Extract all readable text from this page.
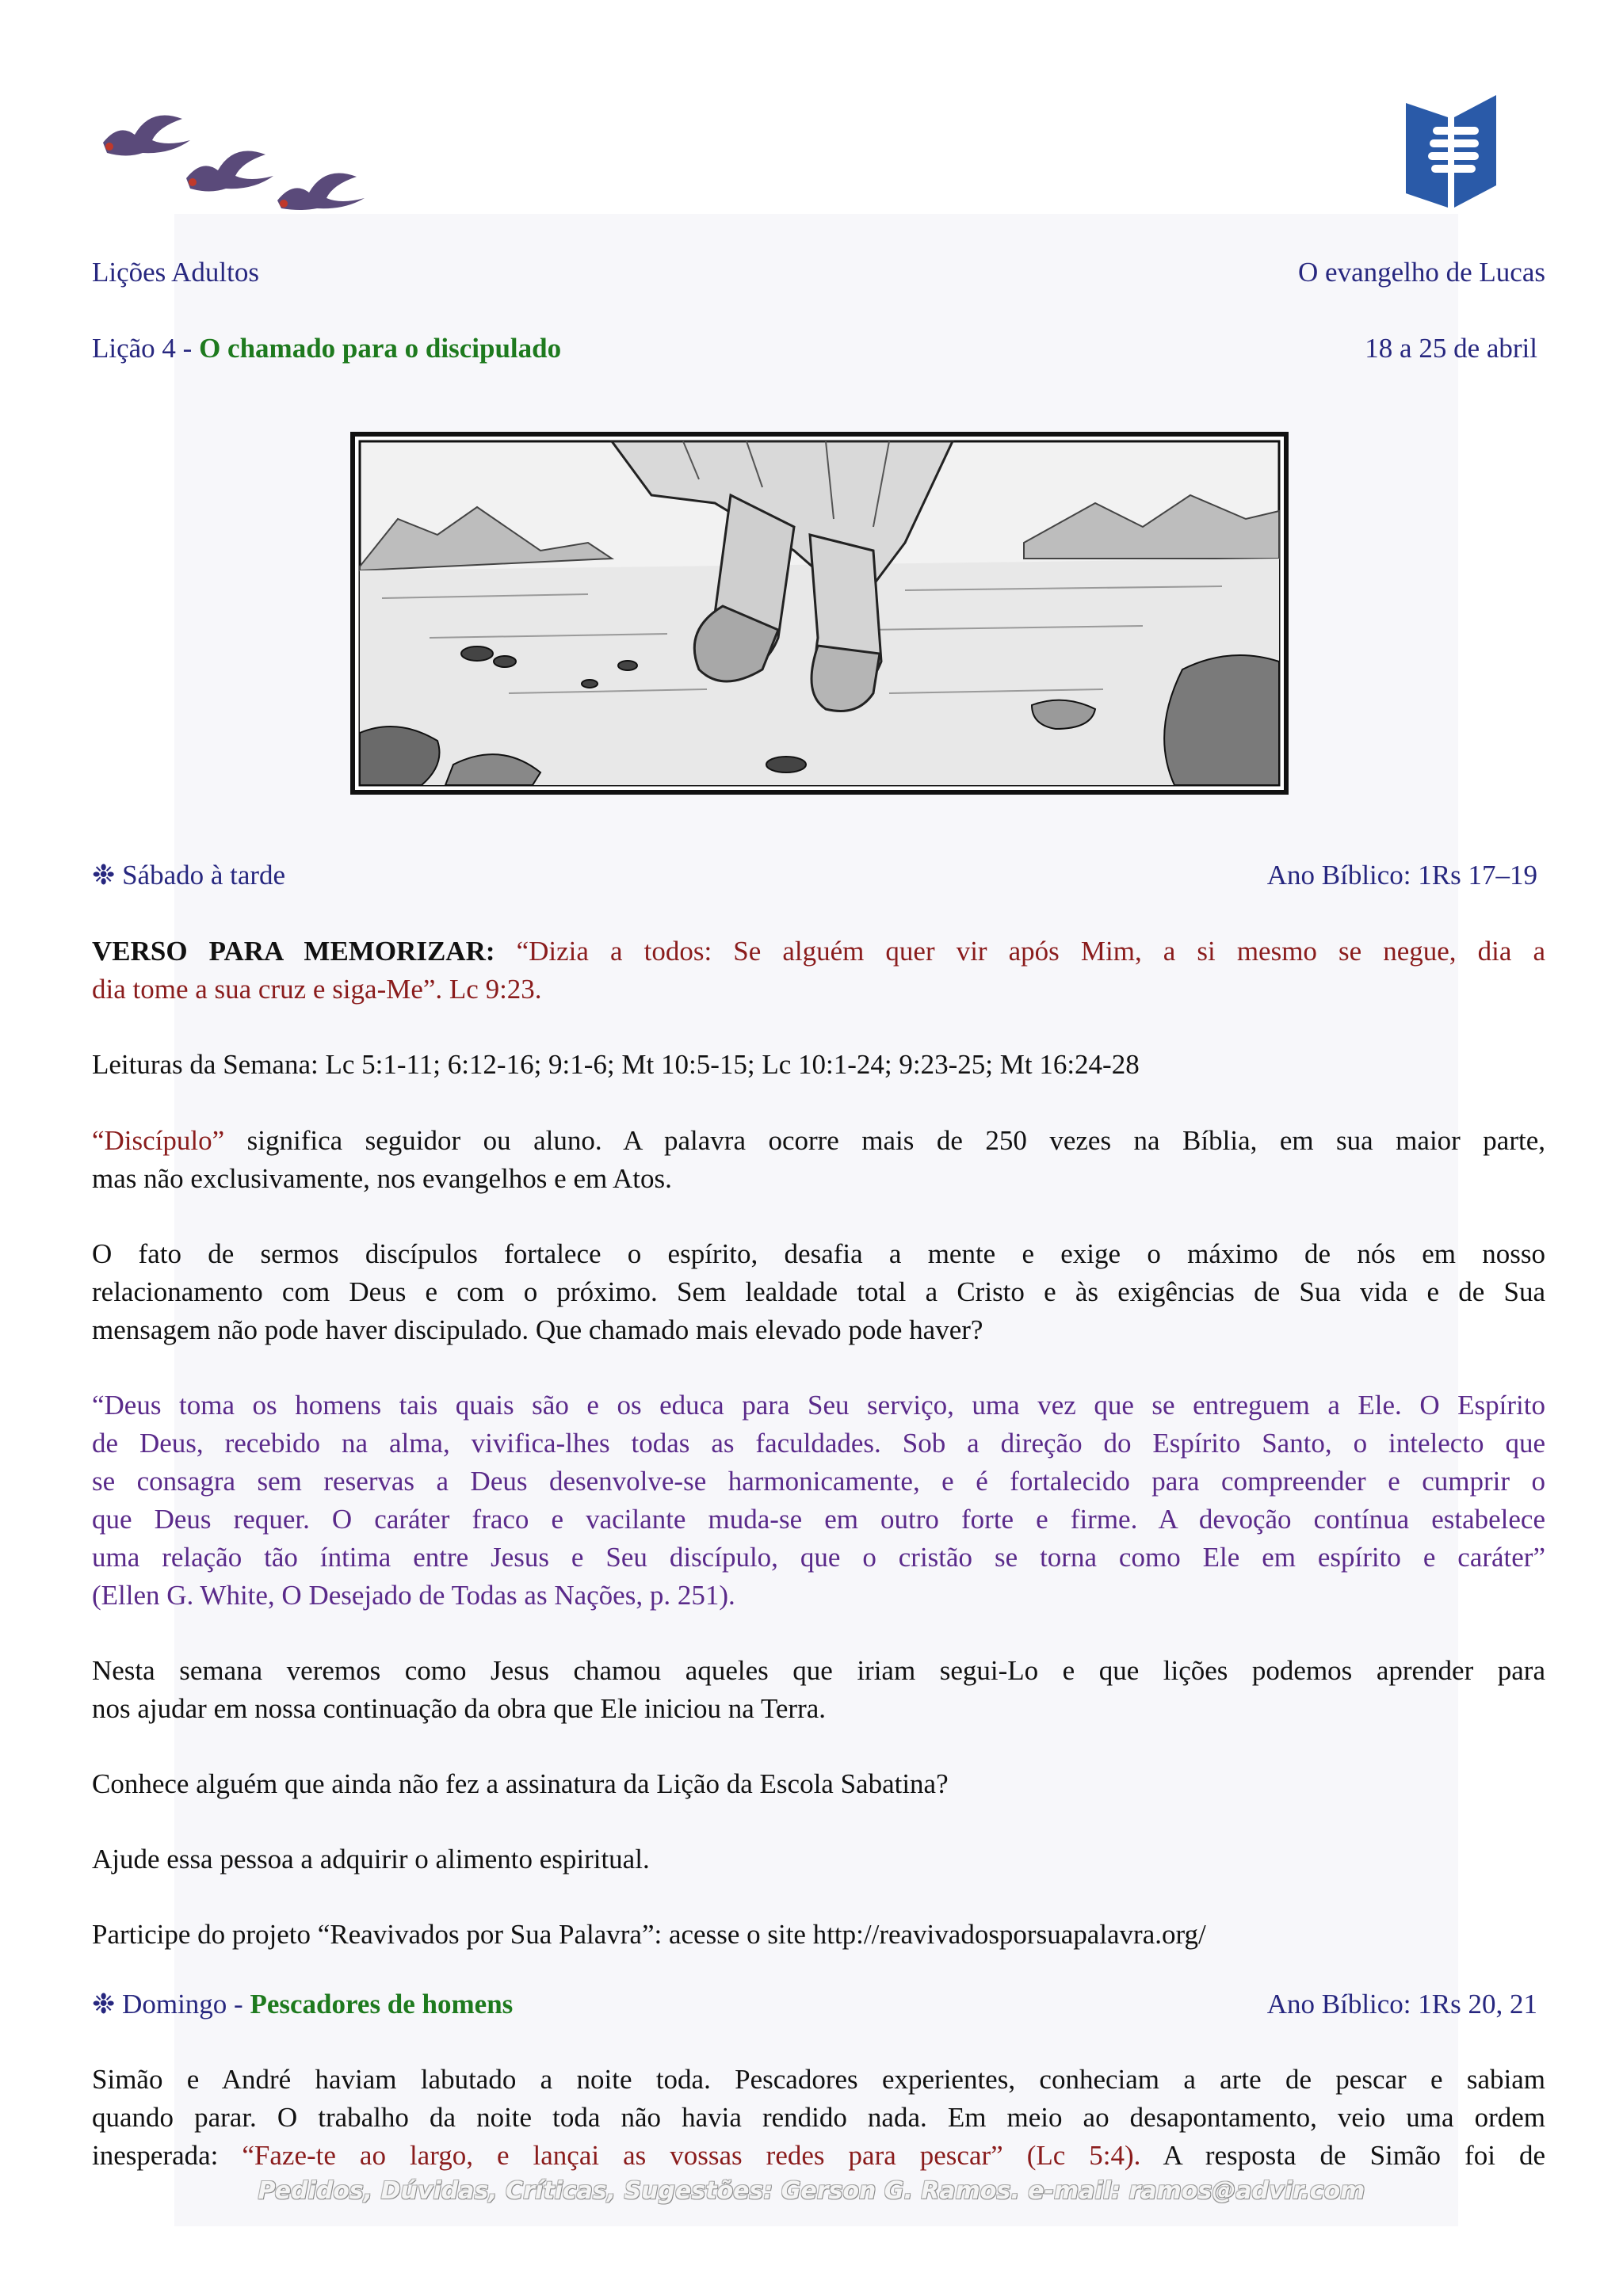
Lições Adultos	O evangelho de Lucas
Lição 4 - O chamado para o discipulado	18 a 25 de abril
❉ Sábado à tarde	Ano Bíblico: 1Rs 17–19
VERSO PARA MEMORIZAR: “Dizia a todos: Se alguém quer vir após Mim, a si mesmo se negue, dia a
dia tome a sua cruz e siga-Me”. Lc 9:23.
Leituras da Semana: Lc 5:1-11; 6:12-16; 9:1-6; Mt 10:5-15; Lc 10:1-24; 9:23-25; Mt 16:24-28
“Discípulo” significa seguidor ou aluno. A palavra ocorre mais de 250 vezes na Bíblia, em sua maior parte,
mas não exclusivamente, nos evangelhos e em Atos.
O fato de sermos discípulos fortalece o espírito, desafia a mente e exige o máximo de nós em nosso
relacionamento com Deus e com o próximo. Sem lealdade total a Cristo e às exigências de Sua vida e de Sua
mensagem não pode haver discipulado. Que chamado mais elevado pode haver?
“Deus toma os homens tais quais são e os educa para Seu serviço, uma vez que se entreguem a Ele. O Espírito
de Deus, recebido na alma, vivifica-lhes todas as faculdades. Sob a direção do Espírito Santo, o intelecto que
se consagra sem reservas a Deus desenvolve-se harmonicamente, e é fortalecido para compreender e cumprir o
que Deus requer. O caráter fraco e vacilante muda-se em outro forte e firme. A devoção contínua estabelece
uma relação tão íntima entre Jesus e Seu discípulo, que o cristão se torna como Ele em espírito e caráter”
(Ellen G. White, O Desejado de Todas as Nações, p. 251).
Nesta semana veremos como Jesus chamou aqueles que iriam segui-Lo e que lições podemos aprender para
nos ajudar em nossa continuação da obra que Ele iniciou na Terra.
Conhece alguém que ainda não fez a assinatura da Lição da Escola Sabatina?
Ajude essa pessoa a adquirir o alimento espiritual.
Participe do projeto “Reavivados por Sua Palavra”: acesse o site http://reavivadosporsuapalavra.org/
❉ Domingo - Pescadores de homens	Ano Bíblico: 1Rs 20, 21
Simão e André haviam labutado a noite toda. Pescadores experientes, conheciam a arte de pescar e sabiam
quando parar. O trabalho da noite toda não havia rendido nada. Em meio ao desapontamento, veio uma ordem
inesperada: “Faze-te ao largo, e lançai as vossas redes para pescar” (Lc 5:4). A resposta de Simão foi de
Pedidos, Dúvidas, Críticas, Sugestões: Gerson G. Ramos. e-mail: ramos@advir.com
